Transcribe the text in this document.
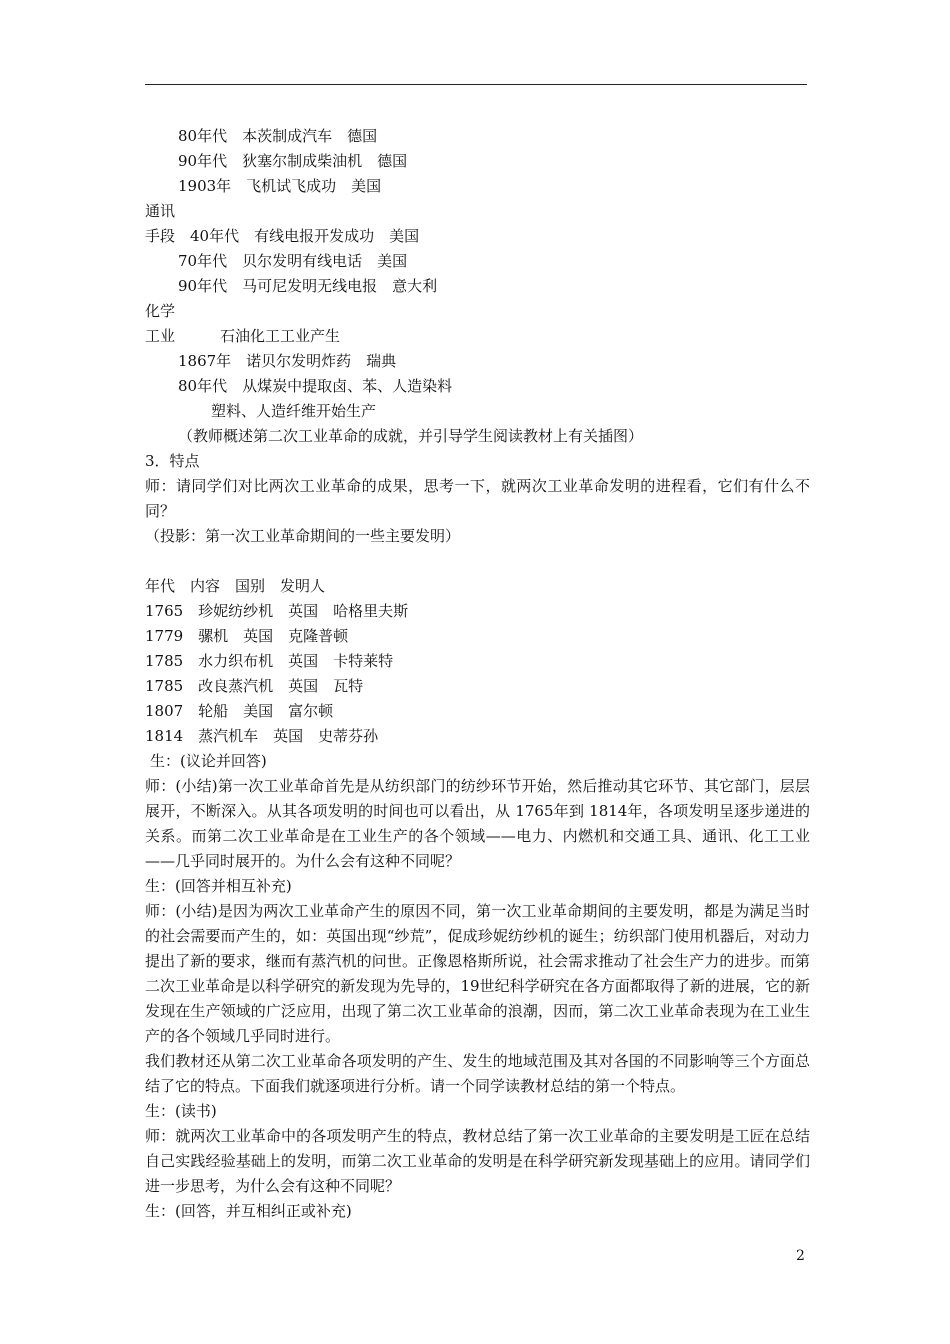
80年代　本茨制成汽车　德国
90年代　狄塞尔制成柴油机　德国
1903年　飞机试飞成功　美国
通讯
手段　40年代　有线电报开发成功　美国
70年代　贝尔发明有线电话　美国
90年代　马可尼发明无线电报　意大利
化学
工业　　　石油化工工业产生
1867年　诺贝尔发明炸药　瑞典
80年代　从煤炭中提取卤、苯、人造染料
塑料、人造纤维开始生产
（教师概述第二次工业革命的成就，并引导学生阅读教材上有关插图）
3．特点
师：请同学们对比两次工业革命的成果，思考一下，就两次工业革命发明的进程看，它们有什么不同？
（投影：第一次工业革命期间的一些主要发明）
年代　内容　国别　发明人
1765　珍妮纺纱机　英国　哈格里夫斯
1779　骡机　英国　克隆普顿
1785　水力织布机　英国　卡特莱特
1785　改良蒸汽机　英国　瓦特
1807　轮船　美国　富尔顿
1814　蒸汽机车　英国　史蒂芬孙
生：(议论并回答)
师：(小结)第一次工业革命首先是从纺织部门的纺纱环节开始，然后推动其它环节、其它部门，层层展开，不断深入。从其各项发明的时间也可以看出，从 1765年到 1814年，各项发明呈逐步递进的关系。而第二次工业革命是在工业生产的各个领域——电力、内燃机和交通工具、通讯、化工工业——几乎同时展开的。为什么会有这种不同呢？
生：(回答并相互补充)
师：(小结)是因为两次工业革命产生的原因不同，第一次工业革命期间的主要发明，都是为满足当时的社会需要而产生的，如：英国出现“纱荒”，促成珍妮纺纱机的诞生；纺织部门使用机器后，对动力提出了新的要求，继而有蒸汽机的问世。正像恩格斯所说，社会需求推动了社会生产力的进步。而第二次工业革命是以科学研究的新发现为先导的，19世纪科学研究在各方面都取得了新的进展，它的新发现在生产领域的广泛应用，出现了第二次工业革命的浪潮，因而，第二次工业革命表现为在工业生产的各个领域几乎同时进行。
我们教材还从第二次工业革命各项发明的产生、发生的地域范围及其对各国的不同影响等三个方面总结了它的特点。下面我们就逐项进行分析。请一个同学读教材总结的第一个特点。
生：(读书)
师：就两次工业革命中的各项发明产生的特点，教材总结了第一次工业革命的主要发明是工匠在总结自己实践经验基础上的发明，而第二次工业革命的发明是在科学研究新发现基础上的应用。请同学们进一步思考，为什么会有这种不同呢？
生：(回答，并互相纠正或补充)
2
